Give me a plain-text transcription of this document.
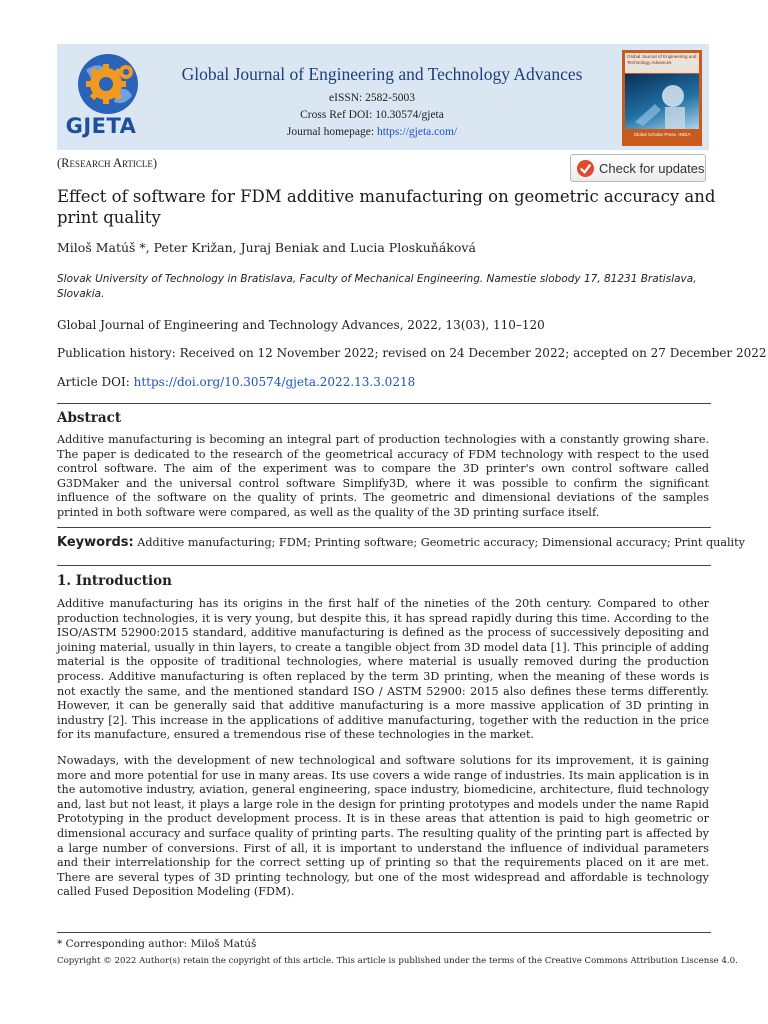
GJETA
Global Journal of Engineering and Technology Advances
eISSN: 2582-5003
Cross Ref DOI: 10.30574/gjeta
Journal homepage: https://gjeta.com/
Global Journal of Engineering and Technology Advances
Global Scholar Press, INDIA
(Research Article)	Check for updates
Effect of software for FDM additive manufacturing on geometric accuracy and print quality
Miloš Matúš *, Peter Križan, Juraj Beniak and Lucia Ploskuňáková
Slovak University of Technology in Bratislava, Faculty of Mechanical Engineering. Namestie slobody 17, 81231 Bratislava, Slovakia.
Global Journal of Engineering and Technology Advances, 2022, 13(03), 110–120
Publication history: Received on 12 November 2022; revised on 24 December 2022; accepted on 27 December 2022
Article DOI: https://doi.org/10.30574/gjeta.2022.13.3.0218
Abstract
Additive manufacturing is becoming an integral part of production technologies with a constantly growing share. The paper is dedicated to the research of the geometrical accuracy of FDM technology with respect to the used control software. The aim of the experiment was to compare the 3D printer's own control software called G3DMaker and the universal control software Simplify3D, where it was possible to confirm the significant influence of the software on the quality of prints. The geometric and dimensional deviations of the samples printed in both software were compared, as well as the quality of the 3D printing surface itself.
Keywords: Additive manufacturing; FDM; Printing software; Geometric accuracy; Dimensional accuracy; Print quality
1. Introduction
Additive manufacturing has its origins in the first half of the nineties of the 20th century. Compared to other production technologies, it is very young, but despite this, it has spread rapidly during this time. According to the ISO/ASTM 52900:2015 standard, additive manufacturing is defined as the process of successively depositing and joining material, usually in thin layers, to create a tangible object from 3D model data [1]. This principle of adding material is the opposite of traditional technologies, where material is usually removed during the production process. Additive manufacturing is often replaced by the term 3D printing, when the meaning of these words is not exactly the same, and the mentioned standard ISO / ASTM 52900: 2015 also defines these terms differently. However, it can be generally said that additive manufacturing is a more massive application of 3D printing in industry [2]. This increase in the applications of additive manufacturing, together with the reduction in the price for its manufacture, ensured a tremendous rise of these technologies in the market.
Nowadays, with the development of new technological and software solutions for its improvement, it is gaining more and more potential for use in many areas. Its use covers a wide range of industries. Its main application is in the automotive industry, aviation, general engineering, space industry, biomedicine, architecture, fluid technology and, last but not least, it plays a large role in the design for printing prototypes and models under the name Rapid Prototyping in the product development process. It is in these areas that attention is paid to high geometric or dimensional accuracy and surface quality of printing parts. The resulting quality of the printing part is affected by a large number of conversions. First of all, it is important to understand the influence of individual parameters and their interrelationship for the correct setting up of printing so that the requirements placed on it are met. There are several types of 3D printing technology, but one of the most widespread and affordable is technology called Fused Deposition Modeling (FDM).
* Corresponding author: Miloš Matúš
Copyright © 2022 Author(s) retain the copyright of this article. This article is published under the terms of the Creative Commons Attribution Liscense 4.0.
